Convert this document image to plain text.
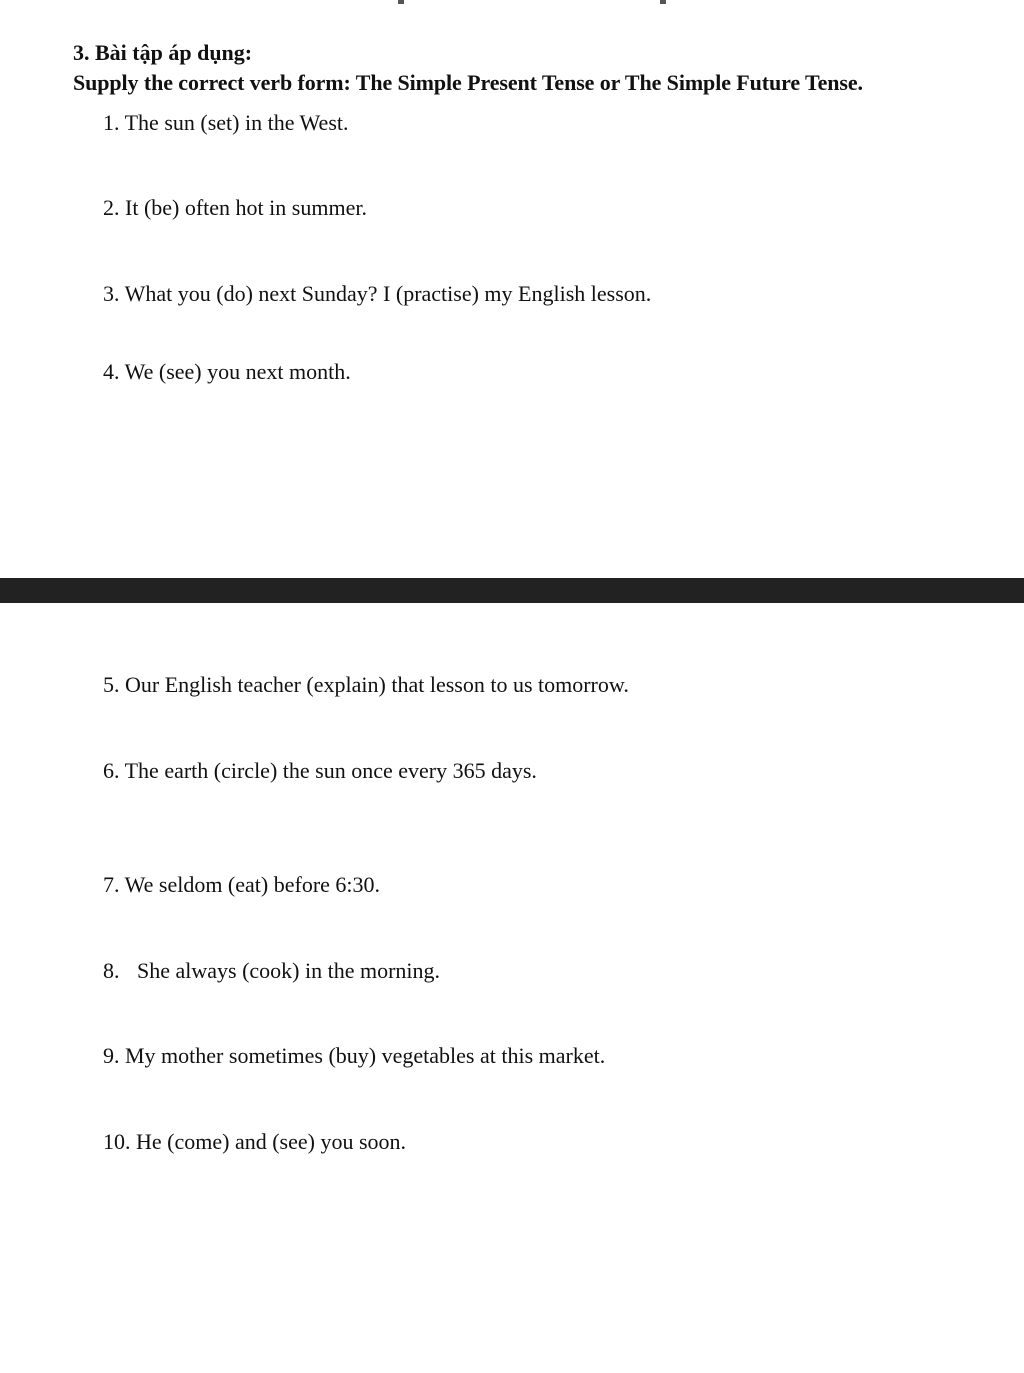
3. Bài tập áp dụng:
Supply the correct verb form: The Simple Present Tense or The Simple Future Tense.
1. The sun (set) in the West.
2. It (be) often hot in summer.
3. What you (do) next Sunday? I (practise) my English lesson.
4. We (see) you next month.
5. Our English teacher (explain) that lesson to us tomorrow.
6. The earth (circle) the sun once every 365 days.
7. We seldom (eat) before 6:30.
8. She always (cook) in the morning.
9. My mother sometimes (buy) vegetables at this market.
10. He (come) and (see) you soon.
